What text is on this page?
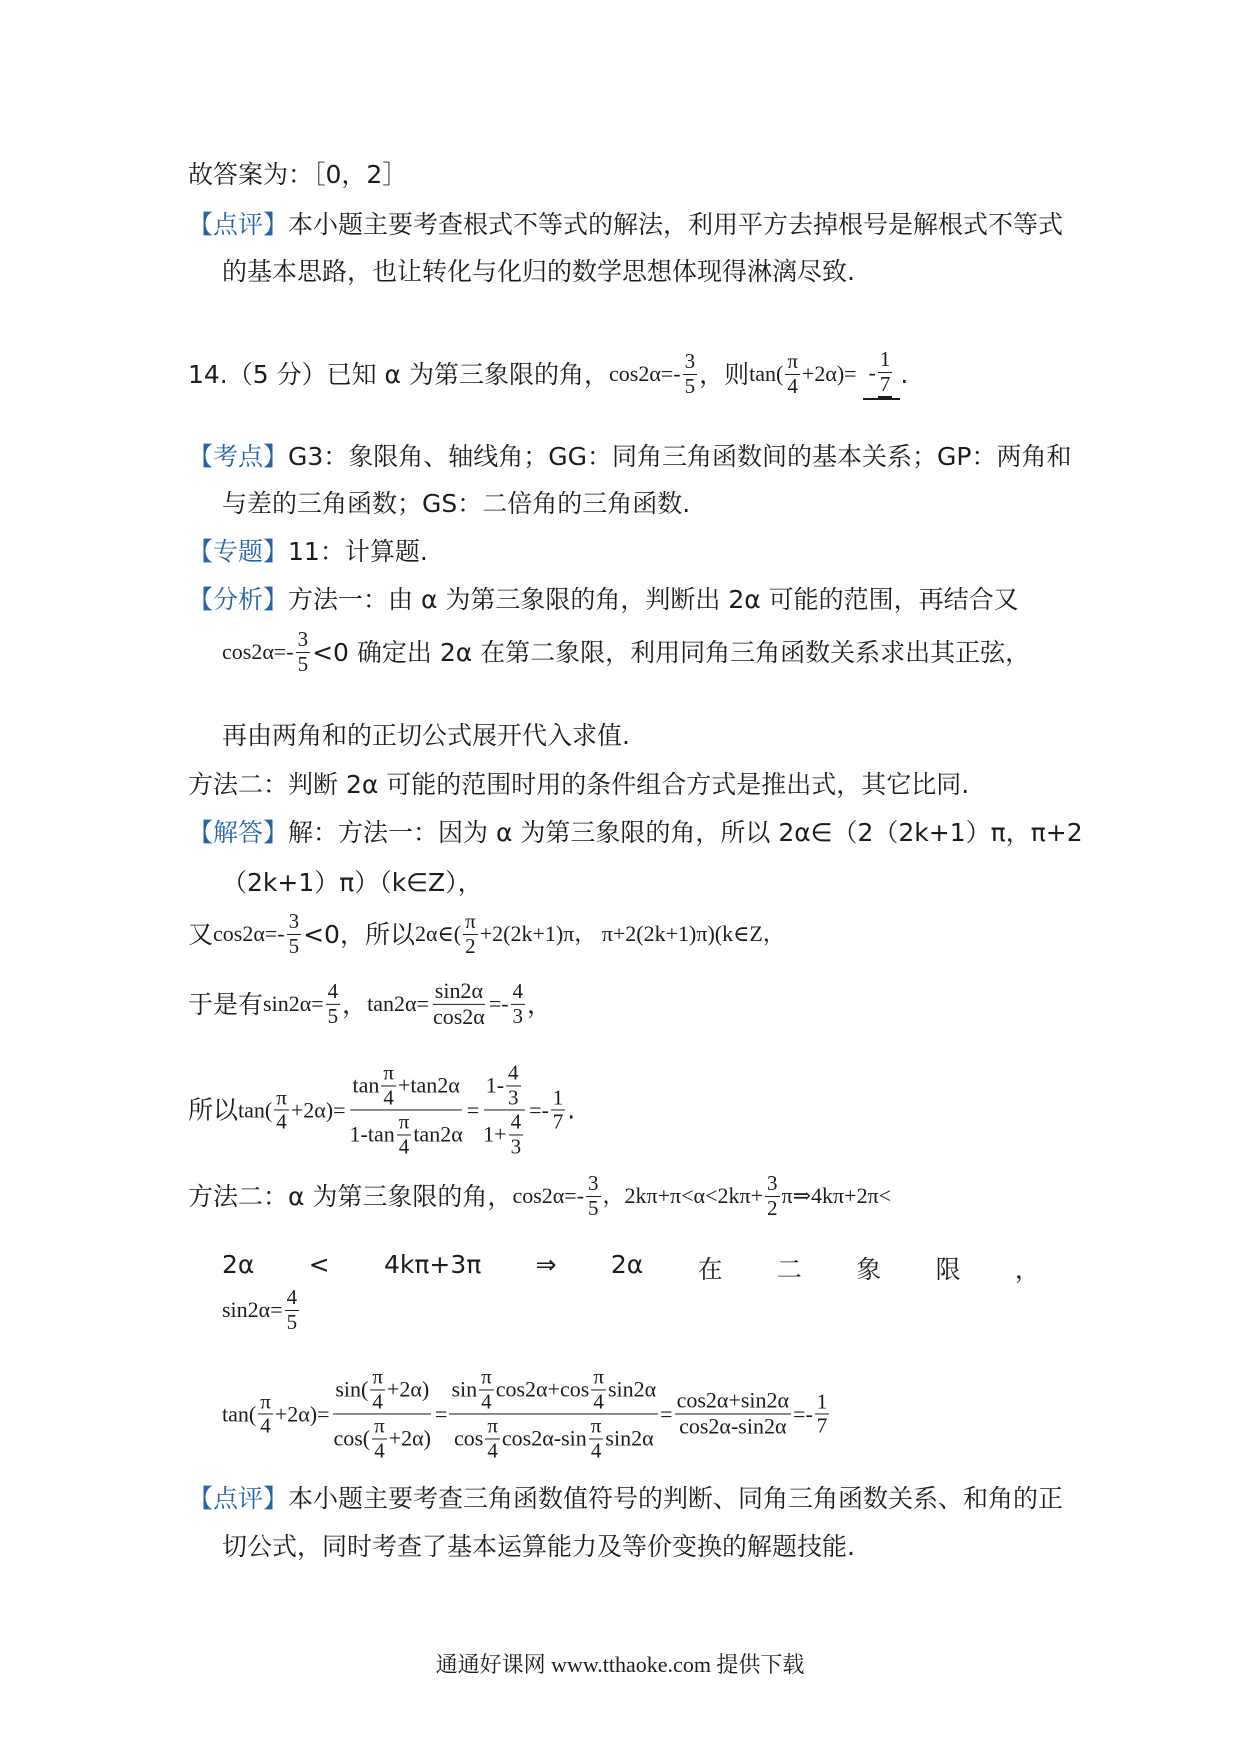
故答案为：［0，2］
【点评】本小题主要考查根式不等式的解法，利用平方去掉根号是解根式不等式
的基本思路，也让转化与化归的数学思想体现得淋漓尽致.
14.（5 分）已知 α 为第三象限的角， $\cos 2\alpha=- \frac{3}{5}$ ，则 $\tan( \frac{\pi}{4} +2\alpha)= - \frac{1}{7}$ .
【考点】G3：象限角、轴线角；GG：同角三角函数间的基本关系；GP：两角和
与差的三角函数；GS：二倍角的三角函数.
【专题】11：计算题.
【分析】方法一：由 α 为第三象限的角，判断出 2α 可能的范围，再结合又
$\cos 2\alpha=- \frac{3}{5} <0$ 确定出 2α 在第二象限，利用同角三角函数关系求出其正弦，
再由两角和的正切公式展开代入求值.
方法二：判断 2α 可能的范围时用的条件组合方式是推出式，其它比同.
【解答】解：方法一：因为 α 为第三象限的角，所以 2α∈（2（2k+1）π，π+2
（2k+1）π）（k∈Z），
又 $\cos 2\alpha=- \frac{3}{5} <0$，所以 2α∈( $\frac{\pi}{2} +2(2k+1)\pi$， π+2(2k+1)π)(k∈Z，
于是有 $\sin 2\alpha= \frac{4}{5}$ ， $\tan 2\alpha= \frac{\sin 2\alpha}{\cos 2\alpha} =- \frac{4}{3}$ ，
所以 $\tan( \frac{\pi}{4} +2\alpha)= \frac{\tan \frac{\pi}{4} +\tan 2\alpha}{1-\tan \frac{\pi}{4} \tan 2\alpha} = \frac{1- \frac{4}{3}}{1+ \frac{4}{3}} =- \frac{1}{7}$ .
方法二：α 为第三象限的角， $\cos 2\alpha=- \frac{3}{5}$ ，$2k\pi+\pi<\alpha<2k\pi+ \frac{3}{2}$ π⇒4kπ+2π<
2α < 4kπ+3π ⇒ 2α 在 二 象 限 ，
$\sin 2\alpha= \frac{4}{5}$
$\tan( \frac{\pi}{4} +2\alpha)= \frac{\sin( \frac{\pi}{4} +2\alpha)}{\cos( \frac{\pi}{4} +2\alpha)} = \frac{\sin \frac{\pi}{4} \cos 2\alpha+\cos \frac{\pi}{4} \sin 2\alpha}{\cos \frac{\pi}{4} \cos 2\alpha-\sin \frac{\pi}{4} \sin 2\alpha} = \frac{\cos 2\alpha+\sin 2\alpha}{\cos 2\alpha-\sin 2\alpha} =- \frac{1}{7}$
【点评】本小题主要考查三角函数值符号的判断、同角三角函数关系、和角的正
切公式，同时考查了基本运算能力及等价变换的解题技能.
通通好课网 www.tthaoke.com 提供下载
